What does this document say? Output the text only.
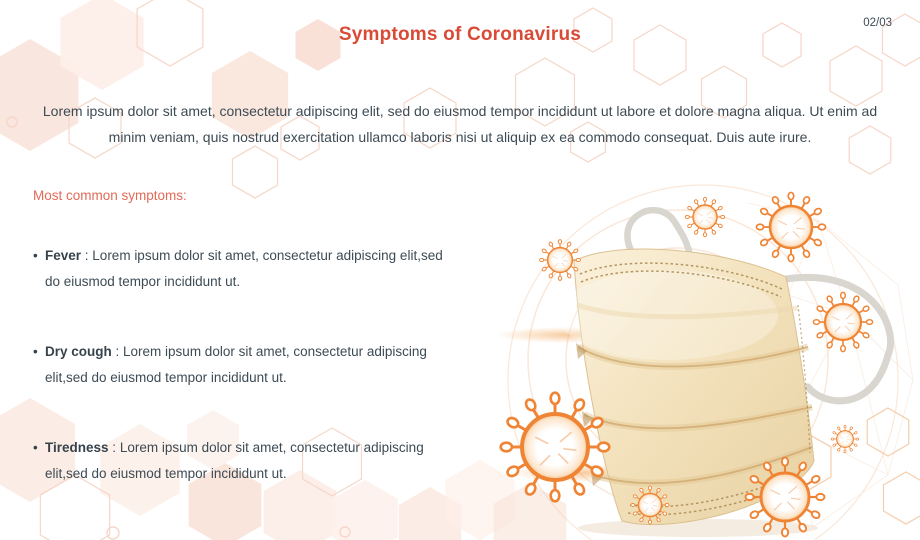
Symptoms of Coronavirus
02/03

Lorem ipsum dolor sit amet, consectetur adipiscing elit, sed do eiusmod tempor incididunt ut labore et dolore magna aliqua. Ut enim ad minim veniam, quis nostrud exercitation ullamco laboris nisi ut aliquip ex ea commodo consequat. Duis aute irure.

Most common symptoms:
• Fever : Lorem ipsum dolor sit amet, consectetur adipiscing elit,sed do eiusmod tempor incididunt ut.
• Dry cough : Lorem ipsum dolor sit amet, consectetur adipiscing elit,sed do eiusmod tempor incididunt ut.
• Tiredness : Lorem ipsum dolor sit amet, consectetur adipiscing elit,sed do eiusmod tempor incididunt ut.
